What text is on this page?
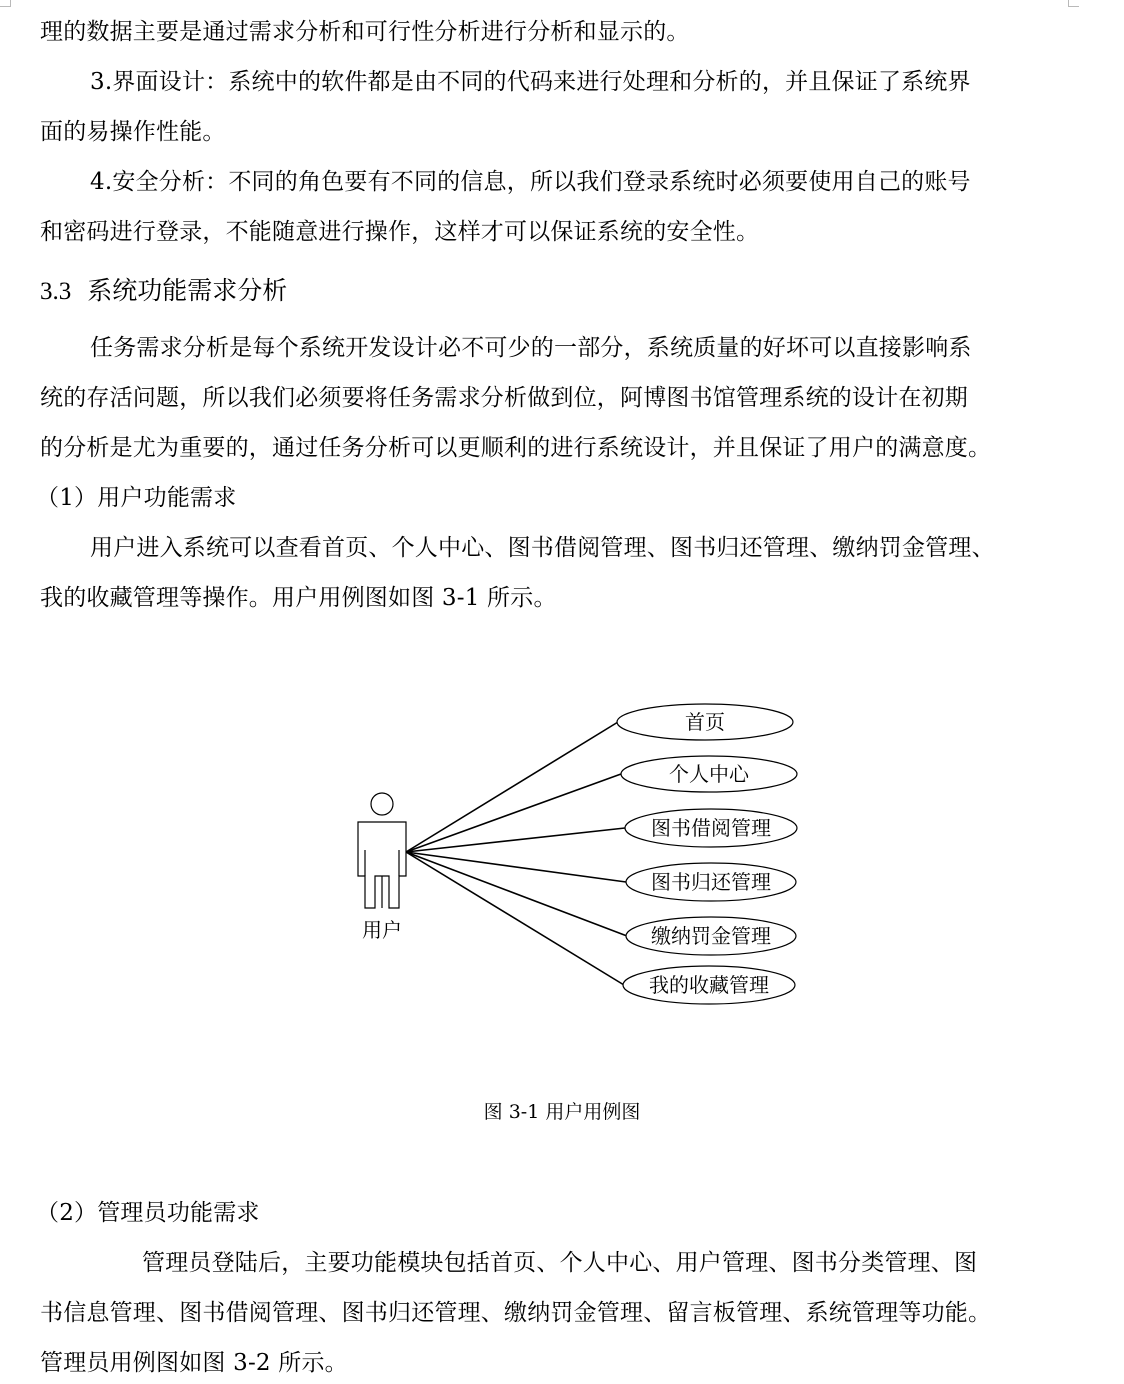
理的数据主要是通过需求分析和可行性分析进行分析和显示的。
3.界面设计：系统中的软件都是由不同的代码来进行处理和分析的，并且保证了系统界
面的易操作性能。
4.安全分析：不同的角色要有不同的信息，所以我们登录系统时必须要使用自己的账号
和密码进行登录，不能随意进行操作，这样才可以保证系统的安全性。
3.3 系统功能需求分析
任务需求分析是每个系统开发设计必不可少的一部分，系统质量的好坏可以直接影响系
统的存活问题，所以我们必须要将任务需求分析做到位，阿博图书馆管理系统的设计在初期
的分析是尤为重要的，通过任务分析可以更顺利的进行系统设计，并且保证了用户的满意度。
（1）用户功能需求
用户进入系统可以查看首页、个人中心、图书借阅管理、图书归还管理、缴纳罚金管理、
我的收藏管理等操作。用户用例图如图 3-1 所示。
用户
首页
个人中心
图书借阅管理
图书归还管理
缴纳罚金管理
我的收藏管理
图 3-1 用户用例图
（2）管理员功能需求
管理员登陆后，主要功能模块包括首页、个人中心、用户管理、图书分类管理、图
书信息管理、图书借阅管理、图书归还管理、缴纳罚金管理、留言板管理、系统管理等功能。
管理员用例图如图 3-2 所示。
